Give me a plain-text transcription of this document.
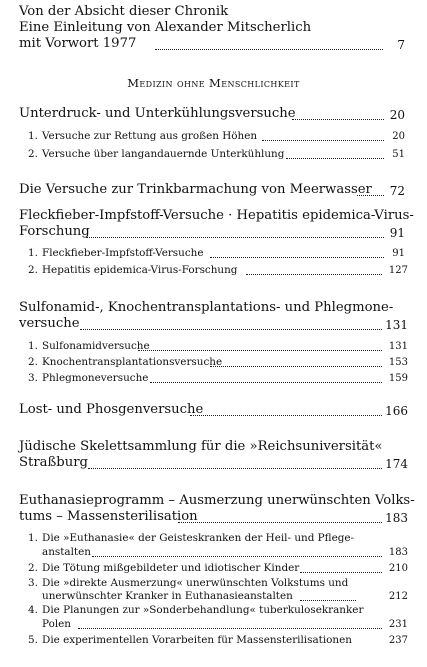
Von der Absicht dieser Chronik
Eine Einleitung von Alexander Mitscherlich
mit Vorwort 1977	7
Medizin ohne Menschlichkeit
Unterdruck- und Unterkühlungsversuche	20
1. Versuche zur Rettung aus großen Höhen	20
2. Versuche über langandauernde Unterkühlung	51
Die Versuche zur Trinkbarmachung von Meerwasser	72
Fleckfieber-Impfstoff-Versuche · Hepatitis epidemica-Virus-
Forschung	91
1. Fleckfieber-Impfstoff-Versuche	91
2. Hepatitis epidemica-Virus-Forschung	127
Sulfonamid-, Knochentransplantations- und Phlegmone-
versuche	131
1. Sulfonamidversuche	131
2. Knochentransplantationsversuche	153
3. Phlegmoneversuche	159
Lost- und Phosgenversuche	166
Jüdische Skelettsammlung für die »Reichsuniversität«
Straßburg	174
Euthanasieprogramm – Ausmerzung unerwünschten Volks-
tums – Massensterilisation	183
1. Die »Euthanasie« der Geisteskranken der Heil- und Pflege-
anstalten	183
2. Die Tötung mißgebildeter und idiotischer Kinder	210
3. Die »direkte Ausmerzung« unerwünschten Volkstums und
unerwünschter Kranker in Euthanasieanstalten	212
4. Die Planungen zur »Sonderbehandlung« tuberkulosekranker
Polen	231
5. Die experimentellen Vorarbeiten für Massensterilisationen	237
